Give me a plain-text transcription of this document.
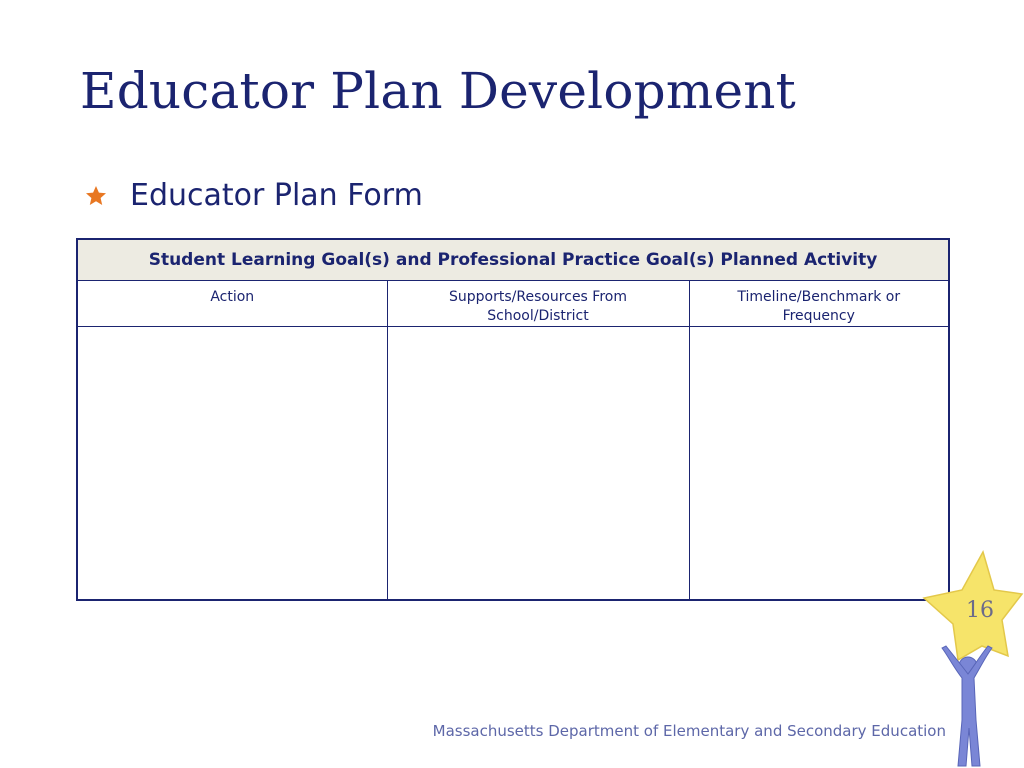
Educator Plan Development
Educator Plan Form
Student Learning Goal(s) and Professional Practice Goal(s) Planned Activity		
Action	Supports/Resources From School/District	Timeline/Benchmark or Frequency

16
Massachusetts Department of Elementary and Secondary Education
